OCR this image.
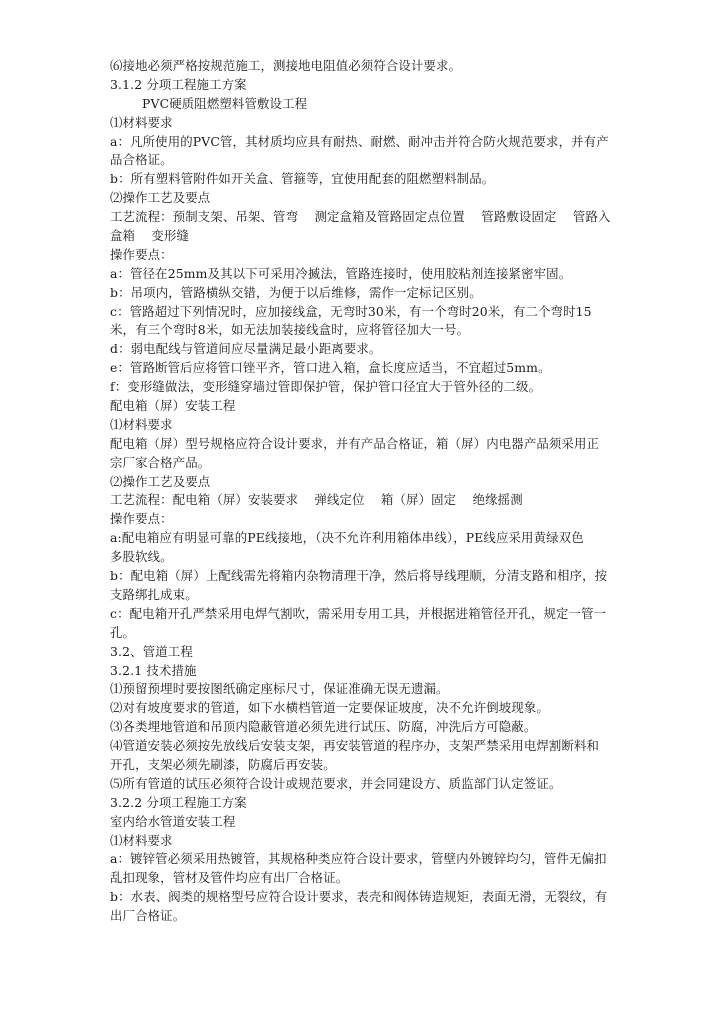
⑹接地必须严格按规范施工，测接地电阻值必须符合设计要求。
3.1.2 分项工程施工方案
PVC硬质阻燃塑料管敷设工程
⑴材料要求
a：凡所使用的PVC管，其材质均应具有耐热、耐燃、耐冲击并符合防火规范要求，并有产
品合格证。
b：所有塑料管附件如开关盒、管箍等，宜使用配套的阻燃塑料制品。
⑵操作工艺及要点
工艺流程：预制支架、吊架、管弯    测定盒箱及管路固定点位置    管路敷设固定    管路入
盒箱    变形缝
操作要点：
a：管径在25mm及其以下可采用冷揻法，管路连接时，使用胶粘剂连接紧密牢固。
b：吊项内，管路横纵交错，为便于以后维修，需作一定标记区别。
c：管路超过下列情况时，应加接线盒，无弯时30米，有一个弯时20米，有二个弯时15
米，有三个弯时8米，如无法加装接线盒时，应将管径加大一号。
d：弱电配线与管道间应尽量满足最小距离要求。
e：管路断管后应将管口锉平齐，管口进入箱，盒长度应适当，不宜超过5mm。
f：变形缝做法，变形缝穿墙过管即保护管，保护管口径宜大于管外径的二级。
配电箱（屏）安装工程
⑴材料要求
配电箱（屏）型号规格应符合设计要求，并有产品合格证，箱（屏）内电器产品须采用正
宗厂家合格产品。
⑵操作工艺及要点
工艺流程：配电箱（屏）安装要求    弹线定位    箱（屏）固定    绝缘摇测
操作要点：
a:配电箱应有明显可靠的PE线接地，（决不允许利用箱体串线），PE线应采用黄绿双色
多股软线。
b：配电箱（屏）上配线需先将箱内杂物清理干净，然后将导线理顺，分清支路和相序，按
支路绑扎成束。
c：配电箱开孔严禁采用电焊气割吹，需采用专用工具，并根据进箱管径开孔，规定一管一
孔。
3.2、管道工程
3.2.1 技术措施
⑴预留预埋时要按图纸确定座标尺寸，保证准确无误无遗漏。
⑵对有坡度要求的管道，如下水横档管道一定要保证坡度，决不允许倒坡现象。
⑶各类埋地管道和吊顶内隐蔽管道必须先进行试压、防腐，冲洗后方可隐蔽。
⑷管道安装必须按先放线后安装支架，再安装管道的程序办，支架严禁采用电焊割断料和
开孔，支架必须先刷漆，防腐后再安装。
⑸所有管道的试压必须符合设计或规范要求，并会同建设方、质监部门认定签证。
3.2.2 分项工程施工方案
室内给水管道安装工程
⑴材料要求
a：镀锌管必须采用热镀管，其规格种类应符合设计要求，管壁内外镀锌均匀，管件无偏扣
乱扣现象，管材及管件均应有出厂合格证。
b：水表、阀类的规格型号应符合设计要求，表壳和阀体铸造规矩，表面无滑，无裂纹，有
出厂合格证。
